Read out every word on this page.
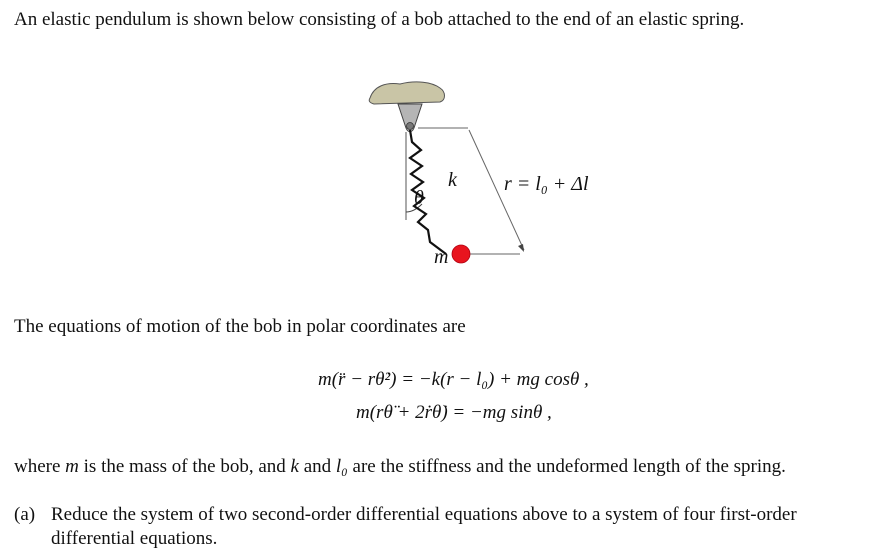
An elastic pendulum is shown below consisting of a bob attached to the end of an elastic spring.
k
θ
m
r = l₀ + Δl
The equations of motion of the bob in polar coordinates are
m(r̈ − rθ̇²) = −k(r − l₀) + mg cosθ ,
m(rθ̈ + 2ṙθ̇) = −mg sinθ ,
where m is the mass of the bob, and k and l₀ are the stiffness and the undeformed length of the spring.
(a) Reduce the system of two second-order differential equations above to a system of four first-order
differential equations.
